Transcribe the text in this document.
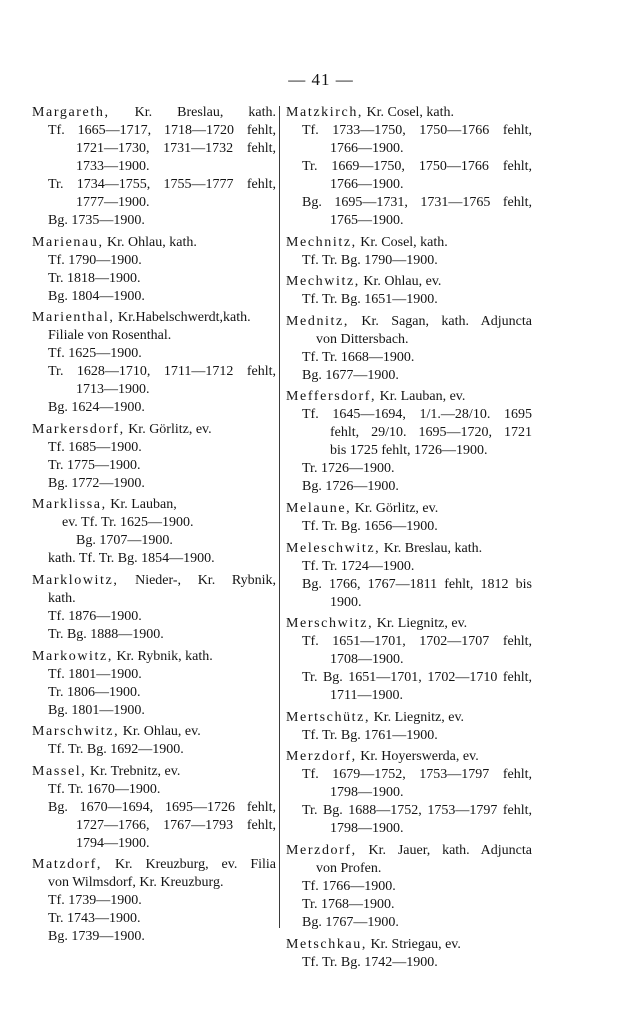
— 41 —
Margareth, Kr. Breslau, kath.
Tf. 1665—1717, 1718—1720 fehlt,
1721—1730, 1731—1732 fehlt,
1733—1900.
Tr. 1734—1755, 1755—1777 fehlt,
1777—1900.
Bg. 1735—1900.
Marienau, Kr. Ohlau, kath.
Tf. 1790—1900.
Tr. 1818—1900.
Bg. 1804—1900.
Marienthal, Kr.Habelschwerdt,kath.
Filiale von Rosenthal.
Tf. 1625—1900.
Tr. 1628—1710, 1711—1712 fehlt,
1713—1900.
Bg. 1624—1900.
Markersdorf, Kr. Görlitz, ev.
Tf. 1685—1900.
Tr. 1775—1900.
Bg. 1772—1900.
Marklissa, Kr. Lauban,
ev. Tf. Tr. 1625—1900.
Bg. 1707—1900.
kath. Tf. Tr. Bg. 1854—1900.
Marklowitz, Nieder-, Kr. Rybnik,
kath.
Tf. 1876—1900.
Tr. Bg. 1888—1900.
Markowitz, Kr. Rybnik, kath.
Tf. 1801—1900.
Tr. 1806—1900.
Bg. 1801—1900.
Marschwitz, Kr. Ohlau, ev.
Tf. Tr. Bg. 1692—1900.
Massel, Kr. Trebnitz, ev.
Tf. Tr. 1670—1900.
Bg. 1670—1694, 1695—1726 fehlt,
1727—1766, 1767—1793 fehlt,
1794—1900.
Matzdorf, Kr. Kreuzburg, ev. Filia
von Wilmsdorf, Kr. Kreuzburg.
Tf. 1739—1900.
Tr. 1743—1900.
Bg. 1739—1900.
Matzkirch, Kr. Cosel, kath.
Tf. 1733—1750, 1750—1766 fehlt,
1766—1900.
Tr. 1669—1750, 1750—1766 fehlt,
1766—1900.
Bg. 1695—1731, 1731—1765 fehlt,
1765—1900.
Mechnitz, Kr. Cosel, kath.
Tf. Tr. Bg. 1790—1900.
Mechwitz, Kr. Ohlau, ev.
Tf. Tr. Bg. 1651—1900.
Mednitz, Kr. Sagan, kath. Adjuncta
von Dittersbach.
Tf. Tr. 1668—1900.
Bg. 1677—1900.
Meffersdorf, Kr. Lauban, ev.
Tf. 1645—1694, 1/1.—28/10. 1695
fehlt, 29/10. 1695—1720, 1721
bis 1725 fehlt, 1726—1900.
Tr. 1726—1900.
Bg. 1726—1900.
Melaune, Kr. Görlitz, ev.
Tf. Tr. Bg. 1656—1900.
Meleschwitz, Kr. Breslau, kath.
Tf. Tr. 1724—1900.
Bg. 1766, 1767—1811 fehlt, 1812 bis
1900.
Merschwitz, Kr. Liegnitz, ev.
Tf. 1651—1701, 1702—1707 fehlt,
1708—1900.
Tr. Bg. 1651—1701, 1702—1710 fehlt,
1711—1900.
Mertschütz, Kr. Liegnitz, ev.
Tf. Tr. Bg. 1761—1900.
Merzdorf, Kr. Hoyerswerda, ev.
Tf. 1679—1752, 1753—1797 fehlt,
1798—1900.
Tr. Bg. 1688—1752, 1753—1797 fehlt,
1798—1900.
Merzdorf, Kr. Jauer, kath. Adjuncta
von Profen.
Tf. 1766—1900.
Tr. 1768—1900.
Bg. 1767—1900.
Metschkau, Kr. Striegau, ev.
Tf. Tr. Bg. 1742—1900.
